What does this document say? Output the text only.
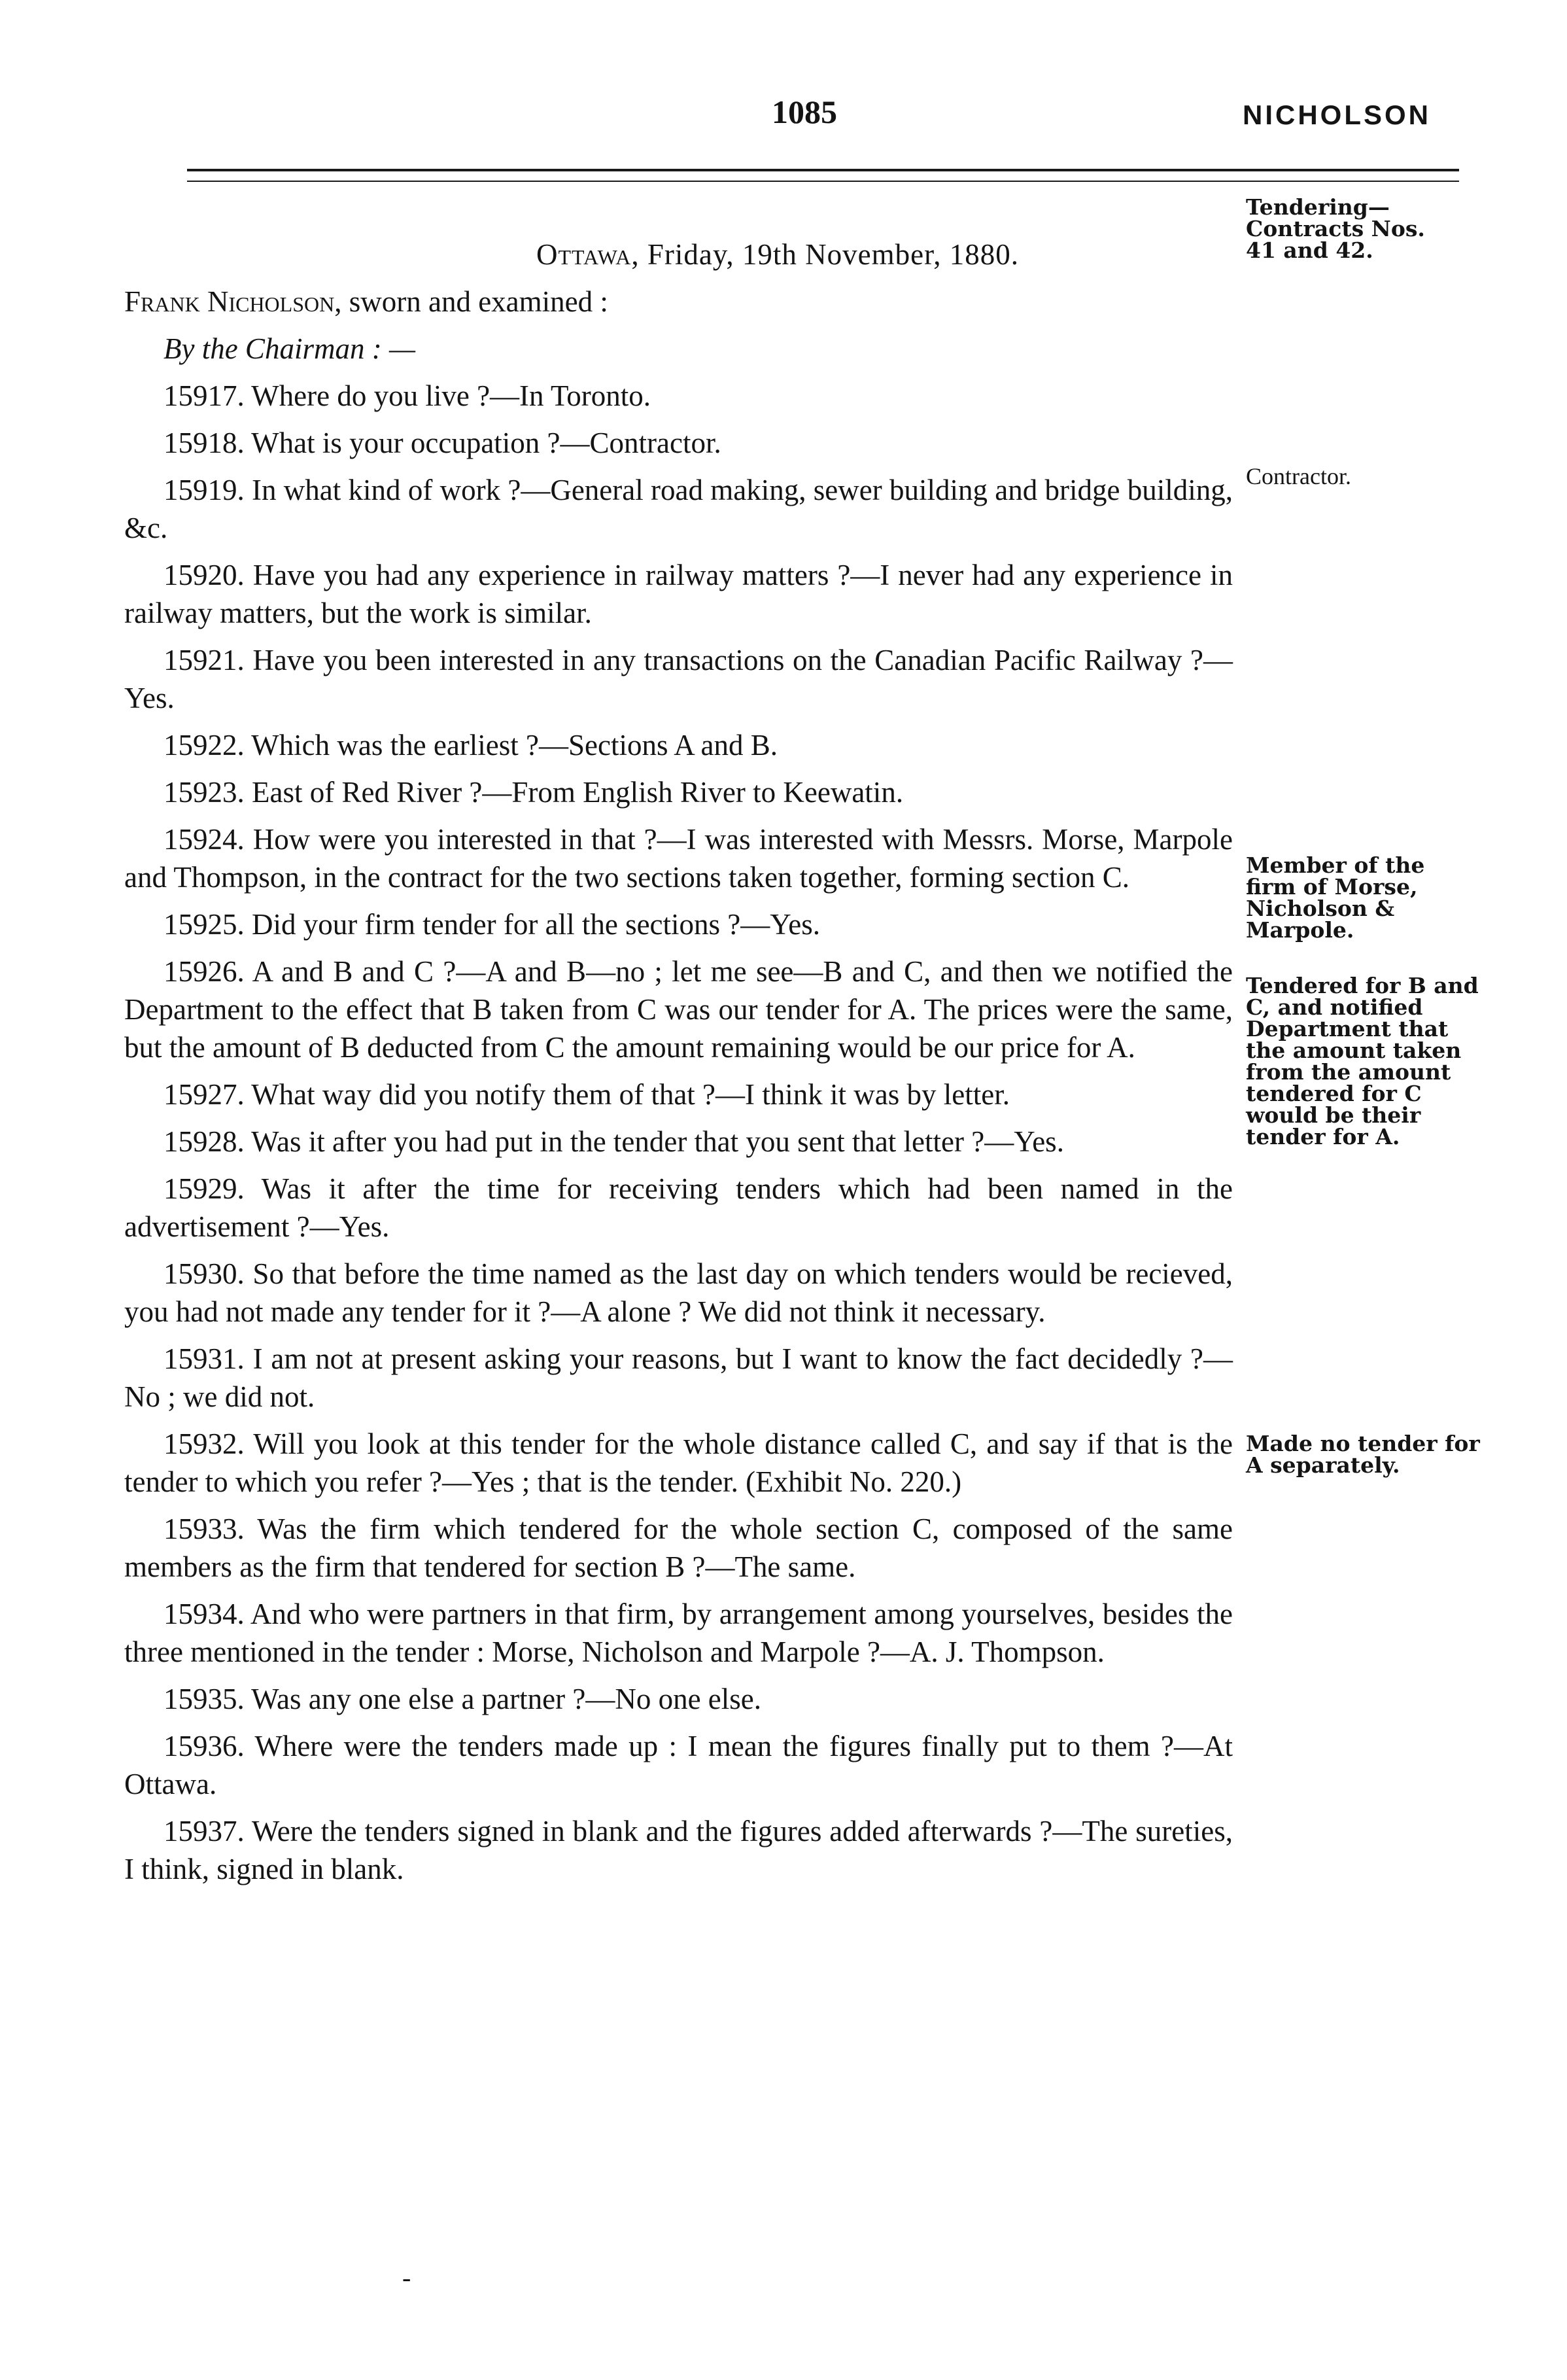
1085	NICHOLSON
Tendering— Contracts Nos. 41 and 42.
Contractor.
Member of the firm of Morse, Nicholson & Marpole.
Tendered for B and C, and notified Department that the amount taken from the amount tendered for C would be their tender for A.
Made no tender for A separately.
Ottawa, Friday, 19th November, 1880.
Frank Nicholson, sworn and examined :
By the Chairman : —

15917. Where do you live ?—In Toronto.

15918. What is your occupation ?—Contractor.

15919. In what kind of work ?—General road making, sewer building and bridge building, &c.

15920. Have you had any experience in railway matters ?—I never had any experience in railway matters, but the work is similar.

15921. Have you been interested in any transactions on the Canadian Pacific Railway ?—Yes.

15922. Which was the earliest ?—Sections A and B.

15923. East of Red River ?—From English River to Keewatin.

15924. How were you interested in that ?—I was interested with Messrs. Morse, Marpole and Thompson, in the contract for the two sections taken together, forming section C.

15925. Did your firm tender for all the sections ?—Yes.

15926. A and B and C ?—A and B—no ; let me see—B and C, and then we notified the Department to the effect that B taken from C was our tender for A. The prices were the same, but the amount of B deducted from C the amount remaining would be our price for A.

15927. What way did you notify them of that ?—I think it was by letter.

15928. Was it after you had put in the tender that you sent that letter ?—Yes.

15929. Was it after the time for receiving tenders which had been named in the advertisement ?—Yes.

15930. So that before the time named as the last day on which tenders would be recieved, you had not made any tender for it ?—A alone ? We did not think it necessary.

15931. I am not at present asking your reasons, but I want to know the fact decidedly ?—No ; we did not.

15932. Will you look at this tender for the whole distance called C, and say if that is the tender to which you refer ?—Yes ; that is the tender. (Exhibit No. 220.)

15933. Was the firm which tendered for the whole section C, composed of the same members as the firm that tendered for section B ?—The same.

15934. And who were partners in that firm, by arrangement among yourselves, besides the three mentioned in the tender : Morse, Nicholson and Marpole ?—A. J. Thompson.

15935. Was any one else a partner ?—No one else.

15936. Where were the tenders made up : I mean the figures finally put to them ?—At Ottawa.

15937. Were the tenders signed in blank and the figures added afterwards ?—The sureties, I think, signed in blank.

-
